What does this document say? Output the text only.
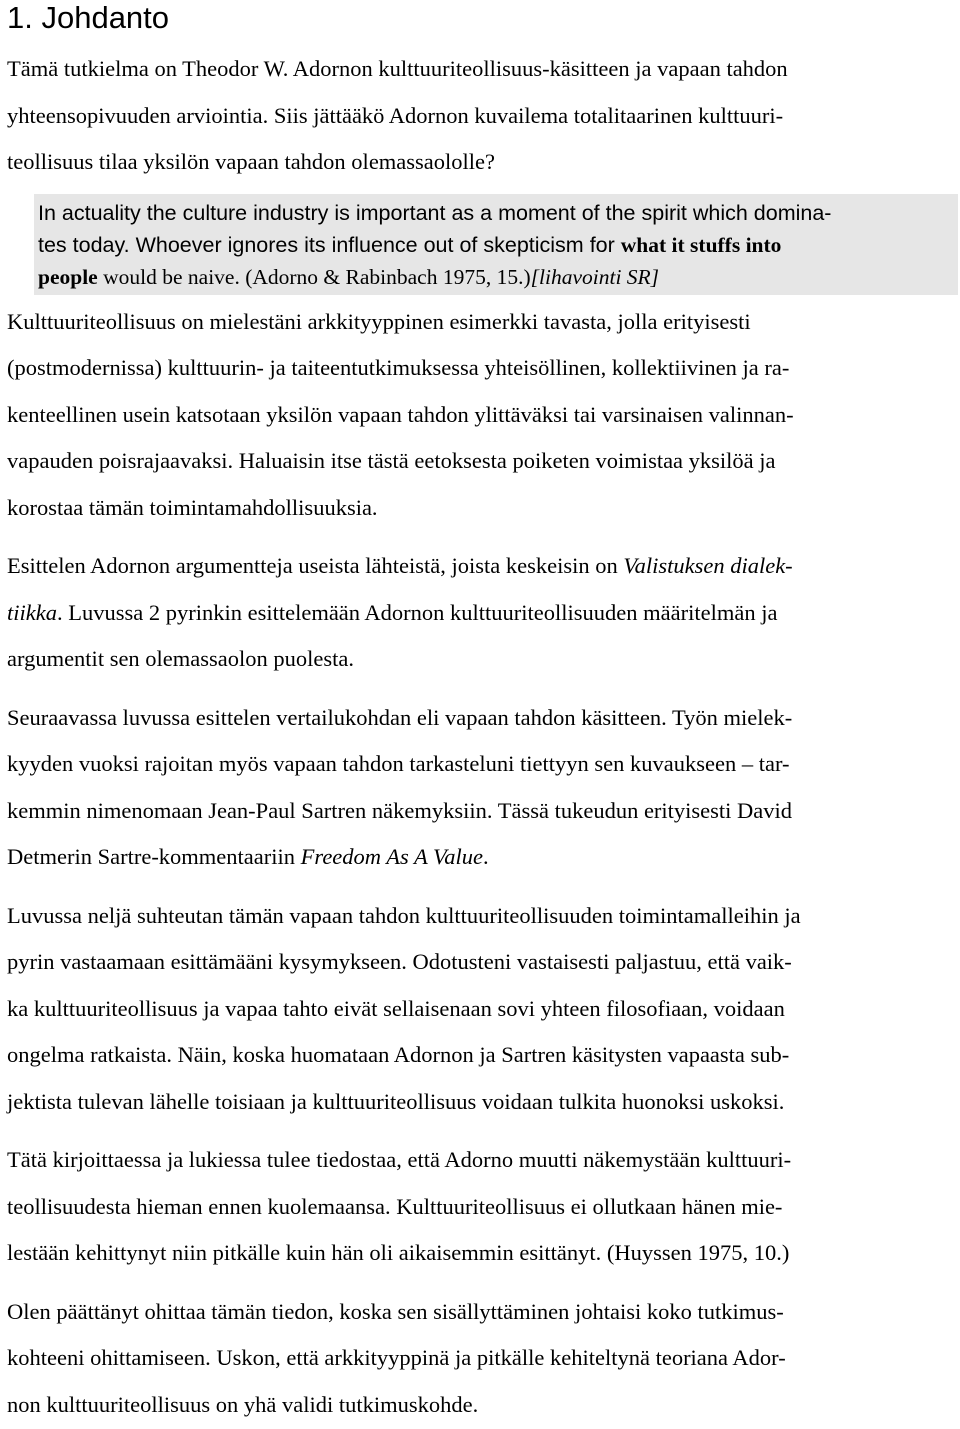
1. Johdanto
Tämä tutkielma on Theodor W. Adornon kulttuuriteollisuus-käsitteen ja vapaan tahdon
yhteensopivuuden arviointia. Siis jättääkö Adornon kuvailema totalitaarinen kulttuuri-
teollisuus tilaa yksilön vapaan tahdon olemassaololle?
In actuality the culture industry is important as a moment of the spirit which domina-
tes today. Whoever ignores its influence out of skepticism for what it stuffs into
people would be naive. (Adorno & Rabinbach 1975, 15.)[lihavointi SR]
Kulttuuriteollisuus on mielestäni arkkityyppinen esimerkki tavasta, jolla erityisesti
(postmodernissa) kulttuurin- ja taiteentutkimuksessa yhteisöllinen, kollektiivinen ja ra-
kenteellinen usein katsotaan yksilön vapaan tahdon ylittäväksi tai varsinaisen valinnan-
vapauden poisrajaavaksi. Haluaisin itse tästä eetoksesta poiketen voimistaa yksilöä ja
korostaa tämän toimintamahdollisuuksia.
Esittelen Adornon argumentteja useista lähteistä, joista keskeisin on Valistuksen dialek-
tiikka. Luvussa 2 pyrinkin esittelemään Adornon kulttuuriteollisuuden määritelmän ja
argumentit sen olemassaolon puolesta.
Seuraavassa luvussa esittelen vertailukohdan eli vapaan tahdon käsitteen. Työn mielek-
kyyden vuoksi rajoitan myös vapaan tahdon tarkasteluni tiettyyn sen kuvaukseen – tar-
kemmin nimenomaan Jean-Paul Sartren näkemyksiin. Tässä tukeudun erityisesti David
Detmerin Sartre-kommentaariin Freedom As A Value.
Luvussa neljä suhteutan tämän vapaan tahdon kulttuuriteollisuuden toimintamalleihin ja
pyrin vastaamaan esittämääni kysymykseen. Odotusteni vastaisesti paljastuu, että vaik-
ka kulttuuriteollisuus ja vapaa tahto eivät sellaisenaan sovi yhteen filosofiaan, voidaan
ongelma ratkaista. Näin, koska huomataan Adornon ja Sartren käsitysten vapaasta sub-
jektista tulevan lähelle toisiaan ja kulttuuriteollisuus voidaan tulkita huonoksi uskoksi.
Tätä kirjoittaessa ja lukiessa tulee tiedostaa, että Adorno muutti näkemystään kulttuuri-
teollisuudesta hieman ennen kuolemaansa. Kulttuuriteollisuus ei ollutkaan hänen mie-
lestään kehittynyt niin pitkälle kuin hän oli aikaisemmin esittänyt. (Huyssen 1975, 10.)
Olen päättänyt ohittaa tämän tiedon, koska sen sisällyttäminen johtaisi koko tutkimus-
kohteeni ohittamiseen. Uskon, että arkkityyppinä ja pitkälle kehiteltynä teoriana Ador-
non kulttuuriteollisuus on yhä validi tutkimuskohde.
